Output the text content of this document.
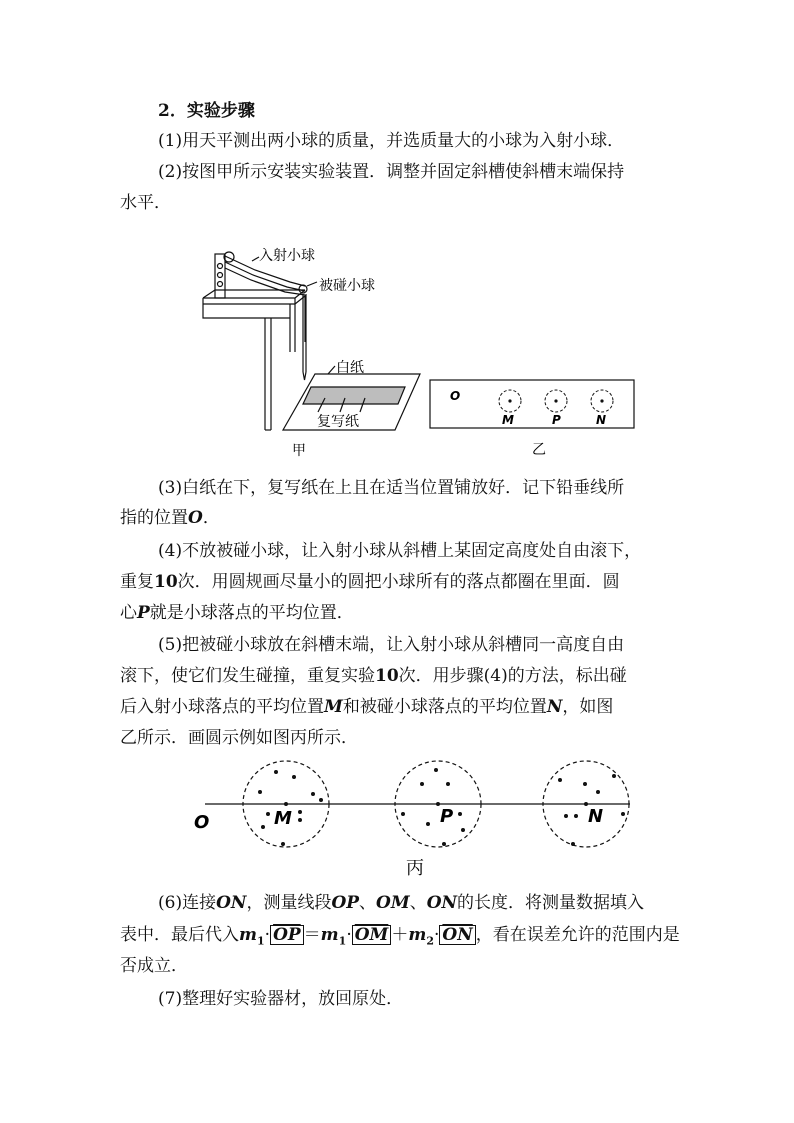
2．实验步骤
(1)用天平测出两小球的质量，并选质量大的小球为入射小球．
(2)按图甲所示安装实验装置．调整并固定斜槽使斜槽末端保持
水平．
入射小球
被碰小球
白纸
复写纸
甲
O
M	P	N
乙
(3)白纸在下，复写纸在上且在适当位置铺放好．记下铅垂线所
指的位置O．
(4)不放被碰小球，让入射小球从斜槽上某固定高度处自由滚下，
重复10次．用圆规画尽量小的圆把小球所有的落点都圈在里面．圆
心P就是小球落点的平均位置．
(5)把被碰小球放在斜槽末端，让入射小球从斜槽同一高度自由
滚下，使它们发生碰撞，重复实验10次．用步骤(4)的方法，标出碰
后入射小球落点的平均位置M和被碰小球落点的平均位置N，如图
乙所示．画圆示例如图丙所示．
O	M	P	N
丙
(6)连接ON，测量线段OP、OM、ON的长度．将测量数据填入
表中．最后代入$m_1\cdot \overline{OP} =m_1\cdot \overline{OM} +m_2\cdot \overline{ON}$ ，看在误差允许的范围内是
否成立．
(7)整理好实验器材，放回原处．
